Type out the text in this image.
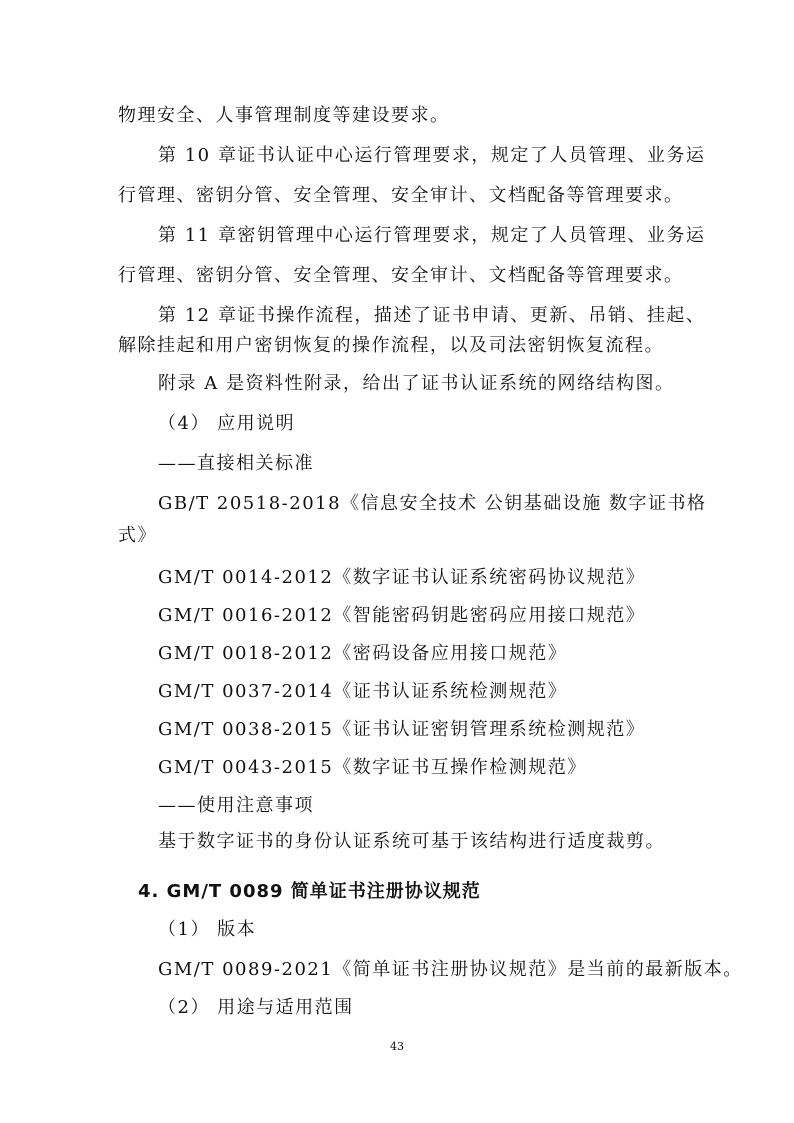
物理安全、人事管理制度等建设要求。
第 10 章证书认证中心运行管理要求，规定了人员管理、业务运
行管理、密钥分管、安全管理、安全审计、文档配备等管理要求。
第 11 章密钥管理中心运行管理要求，规定了人员管理、业务运
行管理、密钥分管、安全管理、安全审计、文档配备等管理要求。
第 12 章证书操作流程，描述了证书申请、更新、吊销、挂起、
解除挂起和用户密钥恢复的操作流程，以及司法密钥恢复流程。
附录 A 是资料性附录，给出了证书认证系统的网络结构图。
（4） 应用说明
——直接相关标准
GB/T 20518-2018《信息安全技术 公钥基础设施 数字证书格
式》
GM/T 0014-2012《数字证书认证系统密码协议规范》
GM/T 0016-2012《智能密码钥匙密码应用接口规范》
GM/T 0018-2012《密码设备应用接口规范》
GM/T 0037-2014《证书认证系统检测规范》
GM/T 0038-2015《证书认证密钥管理系统检测规范》
GM/T 0043-2015《数字证书互操作检测规范》
——使用注意事项
基于数字证书的身份认证系统可基于该结构进行适度裁剪。
4. GM/T 0089 简单证书注册协议规范
（1） 版本
GM/T 0089-2021《简单证书注册协议规范》是当前的最新版本。
（2） 用途与适用范围
43
